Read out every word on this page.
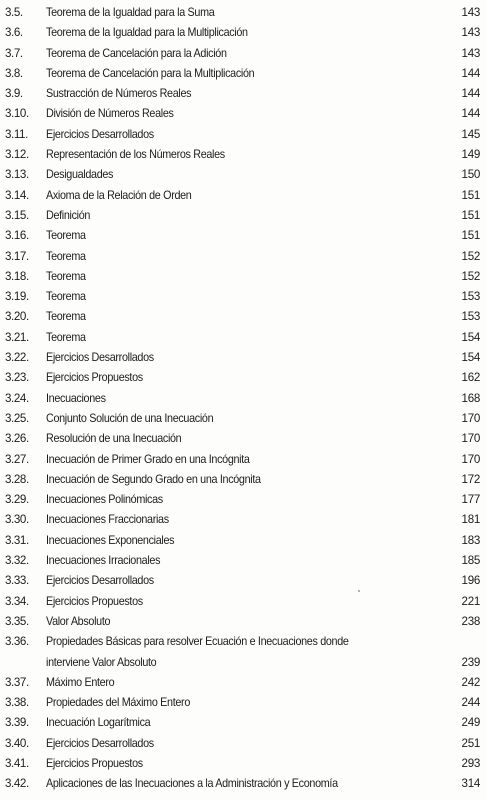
3.5. Teorema de la Igualdad para la Suma	143
3.6. Teorema de la Igualdad para la Multiplicación	143
3.7. Teorema de Cancelación para la Adición	143
3.8. Teorema de Cancelación para la Multiplicación	144
3.9. Sustracción de Números Reales	144
3.10. División de Números Reales	144
3.11. Ejercicios Desarrollados	145
3.12. Representación de los Números Reales	149
3.13. Desigualdades	150
3.14. Axioma de la Relación de Orden	151
3.15. Definición	151
3.16. Teorema	151
3.17. Teorema	152
3.18. Teorema	152
3.19. Teorema	153
3.20. Teorema	153
3.21. Teorema	154
3.22. Ejercicios Desarrollados	154
3.23. Ejercicios Propuestos	162
3.24. Inecuaciones	168
3.25. Conjunto Solución de una Inecuación	170
3.26. Resolución de una Inecuación	170
3.27. Inecuación de Primer Grado en una Incógnita	170
3.28. Inecuación de Segundo Grado en una Incógnita	172
3.29. Inecuaciones Polinómicas	177
3.30. Inecuaciones Fraccionarias	181
3.31. Inecuaciones Exponenciales	183
3.32. Inecuaciones Irracionales	185
3.33. Ejercicios Desarrollados	196
3.34. Ejercicios Propuestos	221
3.35. Valor Absoluto	238
3.36. Propiedades Básicas para resolver Ecuación e Inecuaciones donde
interviene Valor Absoluto	239
3.37. Máximo Entero	242
3.38. Propiedades del Máximo Entero	244
3.39. Inecuación Logarítmica	249
3.40. Ejercicios Desarrollados	251
3.41. Ejercicios Propuestos	293
3.42. Aplicaciones de las Inecuaciones a la Administración y Economía	314
